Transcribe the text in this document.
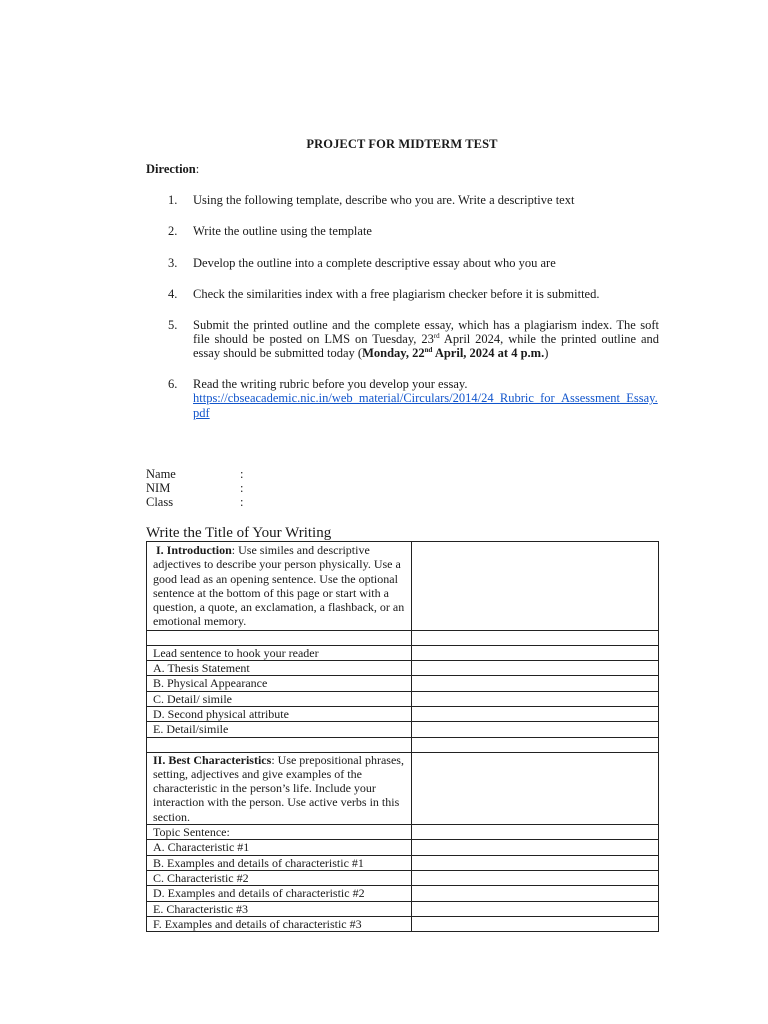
PROJECT FOR MIDTERM TEST
Direction:
1. Using the following template, describe who you are. Write a descriptive text
2. Write the outline using the template
3. Develop the outline into a complete descriptive essay about who you are
4. Check the similarities index with a free plagiarism checker before it is submitted.
5. Submit the printed outline and the complete essay, which has a plagiarism index. The soft file should be posted on LMS on Tuesday, 23rd April 2024, while the printed outline and essay should be submitted today (Monday, 22nd April, 2024 at 4 p.m.)
6. Read the writing rubric before you develop your essay.
https://cbseacademic.nic.in/web_material/Circulars/2014/24_Rubric_for_Assessment_Essay.pdf
Name	:
NIM	:
Class	:
Write the Title of Your Writing
I. Introduction: Use similes and descriptive adjectives to describe your person physically. Use a good lead as an opening sentence. Use the optional sentence at the bottom of this page or start with a question, a quote, an exclamation, a flashback, or an emotional memory.	

Lead sentence to hook your reader	
A. Thesis Statement	
B. Physical Appearance	
C. Detail/ simile	
D. Second physical attribute	
E. Detail/simile	

II. Best Characteristics: Use prepositional phrases, setting, adjectives and give examples of the characteristic in the person’s life. Include your interaction with the person. Use active verbs in this section.	
Topic Sentence:	
A. Characteristic #1	
B. Examples and details of characteristic #1	
C. Characteristic #2	
D. Examples and details of characteristic #2	
E. Characteristic #3	
F. Examples and details of characteristic #3	
